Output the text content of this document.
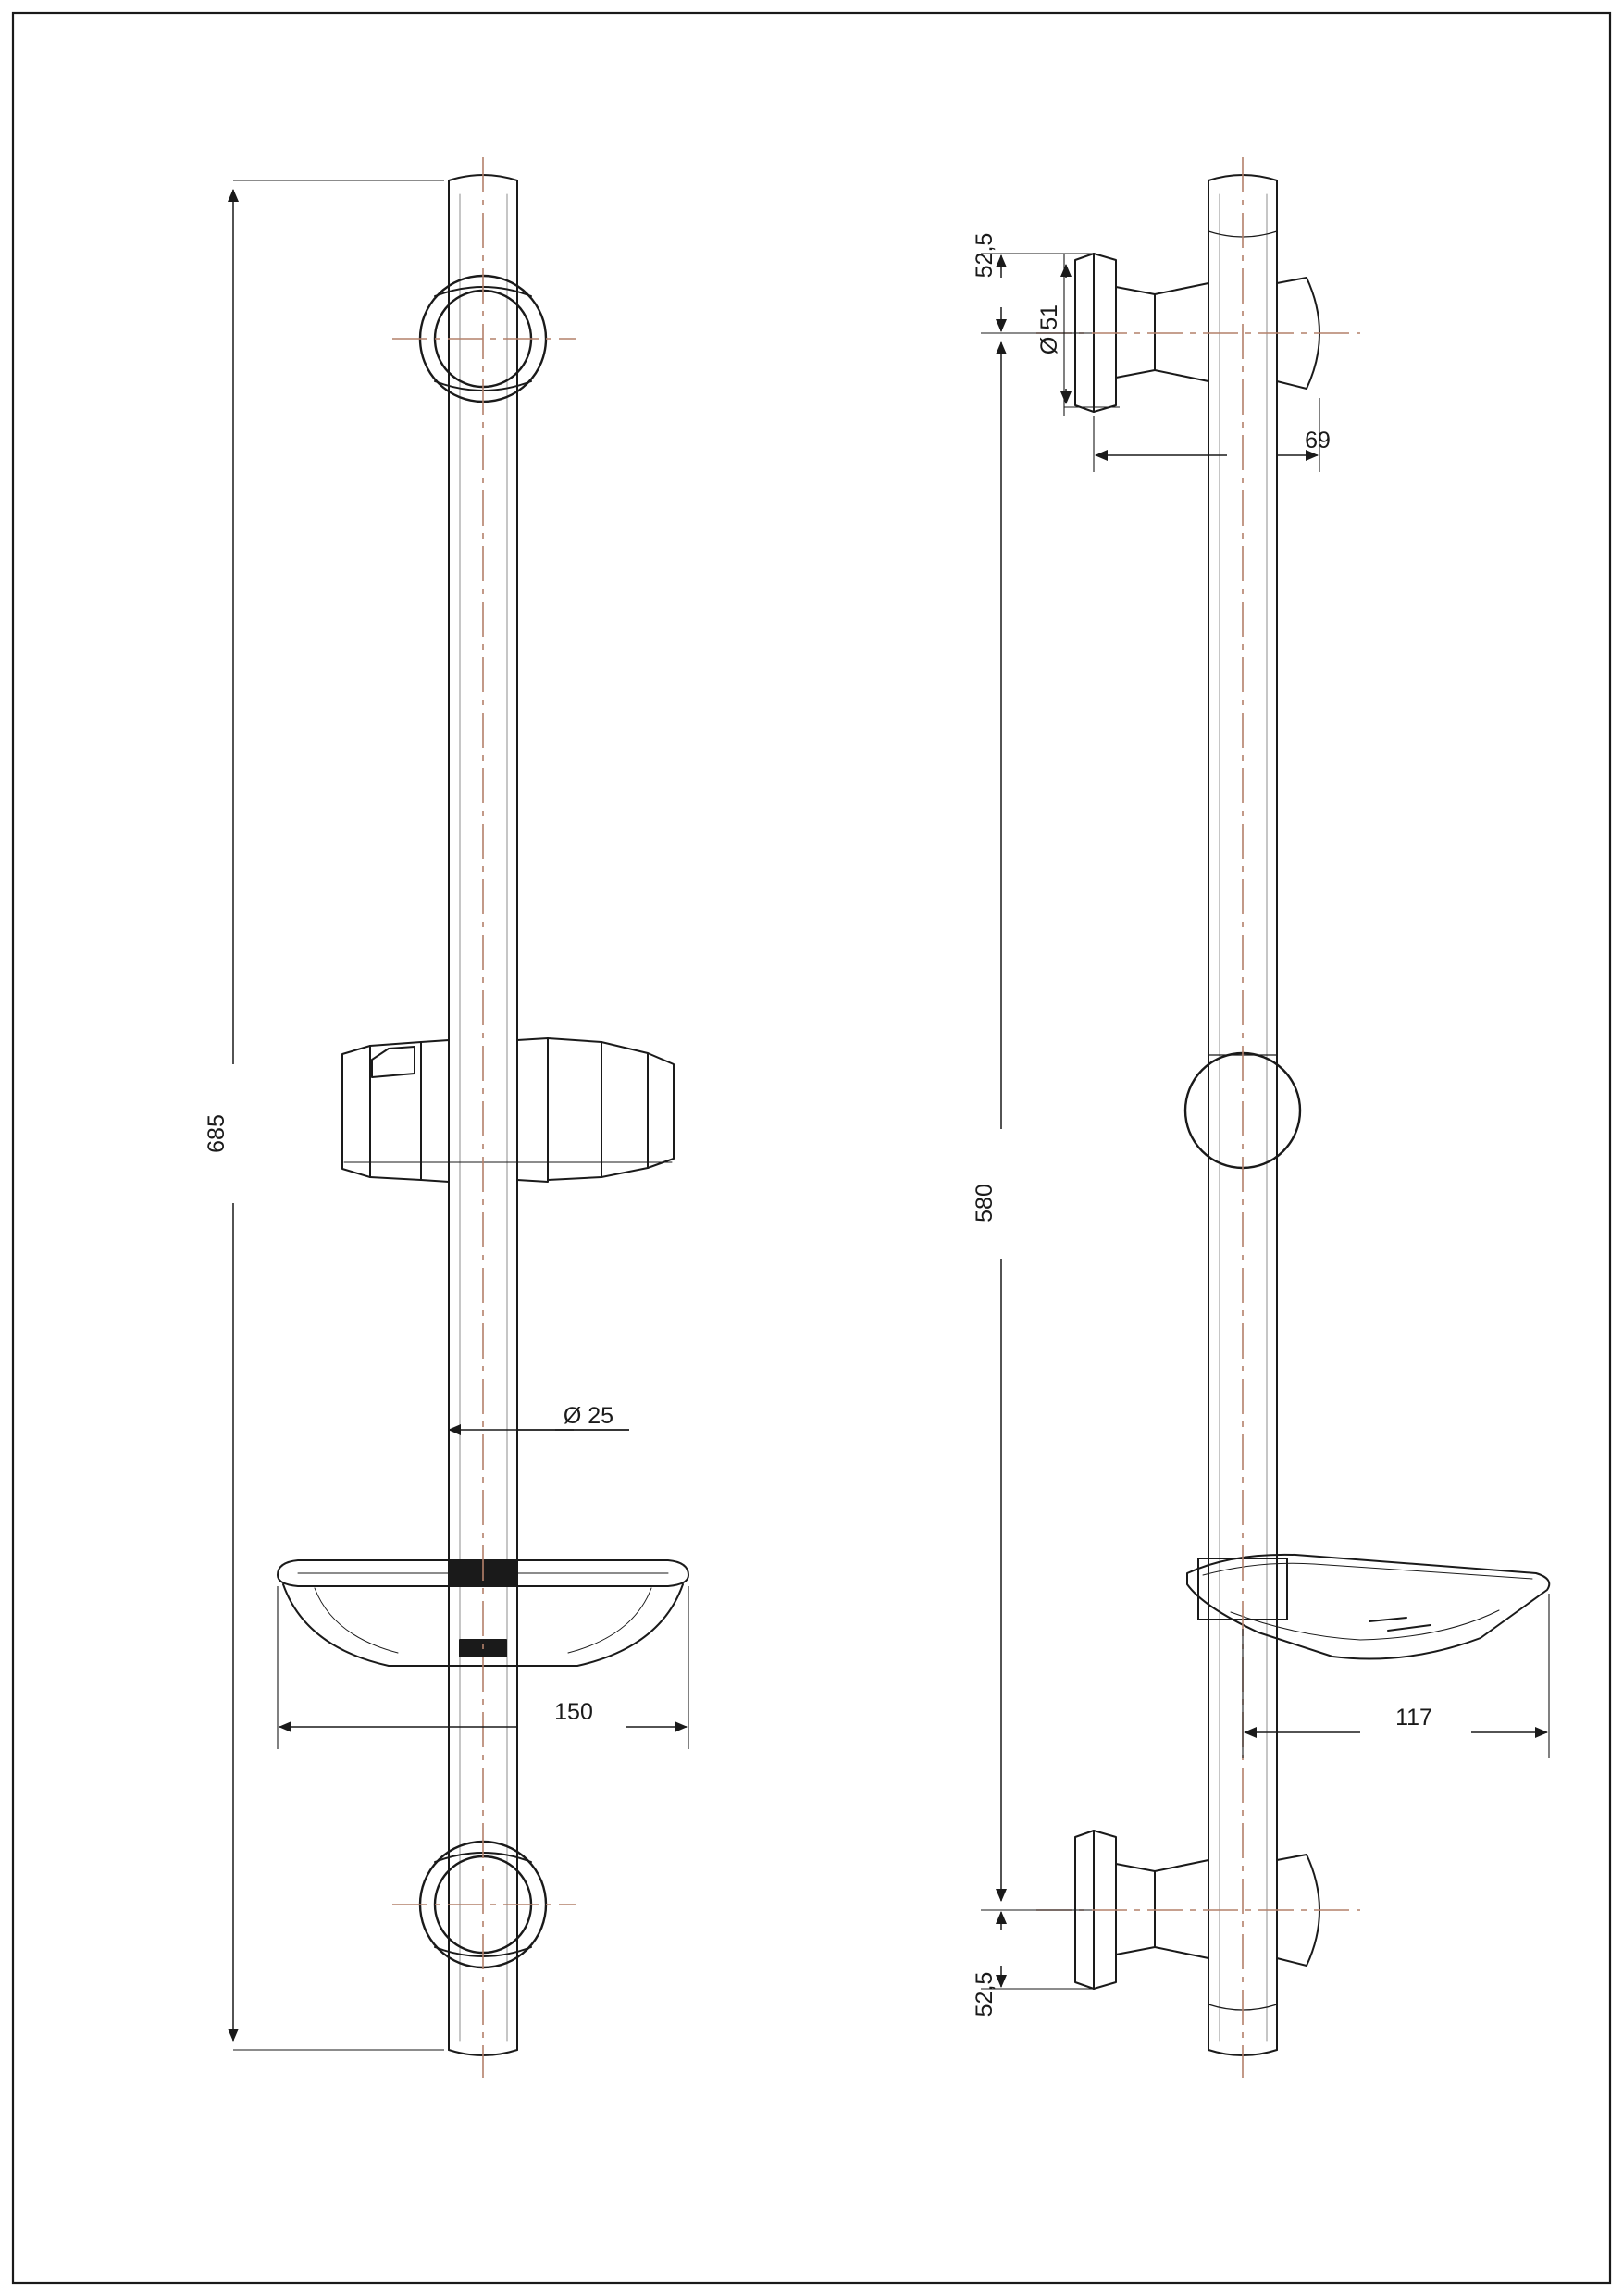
685
Ø 25
150
52,5
Ø 51
69
580
117
52,5
